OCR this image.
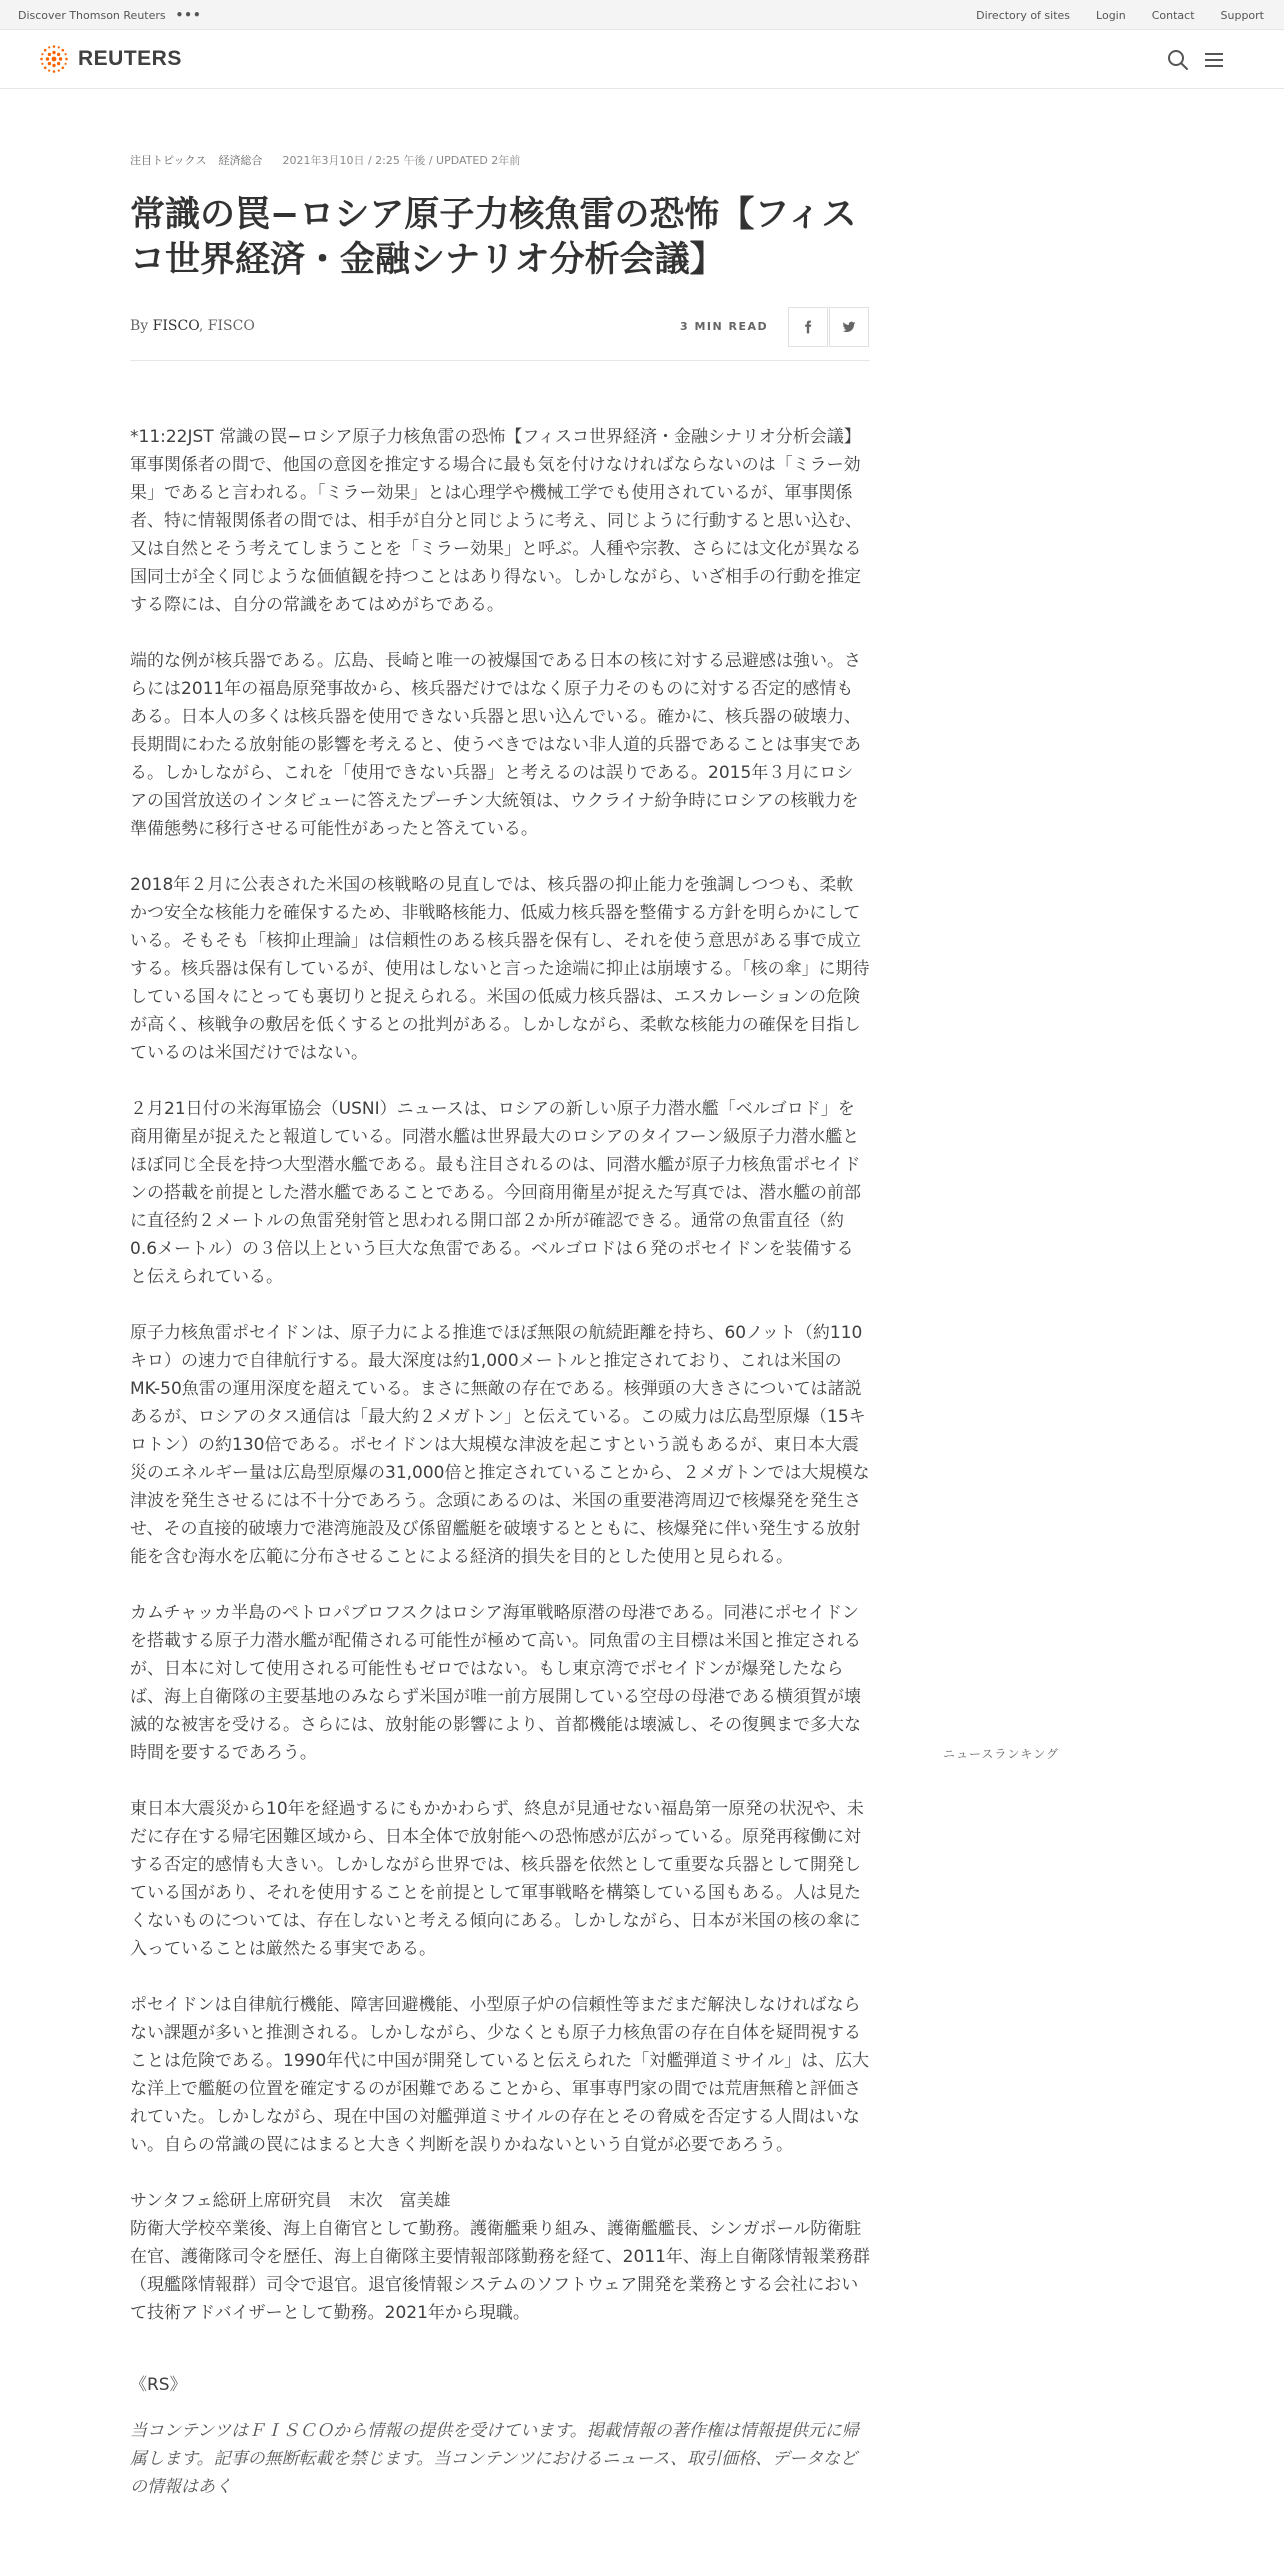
Discover Thomson Reuters •••	Directory of sites Login Contact Support
REUTERS
注目トピックス 経済総合 2021年3月10日 / 2:25 午後 / UPDATED 2年前
常識の罠−ロシア原子力核魚雷の恐怖【フィスコ世界経済・金融シナリオ分析会議】
By FISCO, FISCO	3 MIN READ

*11:22JST 常識の罠−ロシア原子力核魚雷の恐怖【フィスコ世界経済・金融シナリオ分析会議】
軍事関係者の間で、他国の意図を推定する場合に最も気を付けなければならないのは「ミラー効果」であると言われる。「ミラー効果」とは心理学や機械工学でも使用されているが、軍事関係者、特に情報関係者の間では、相手が自分と同じように考え、同じように行動すると思い込む、又は自然とそう考えてしまうことを「ミラー効果」と呼ぶ。人種や宗教、さらには文化が異なる国同士が全く同じような価値観を持つことはあり得ない。しかしながら、いざ相手の行動を推定する際には、自分の常識をあてはめがちである。

端的な例が核兵器である。広島、長崎と唯一の被爆国である日本の核に対する忌避感は強い。さらには2011年の福島原発事故から、核兵器だけではなく原子力そのものに対する否定的感情もある。日本人の多くは核兵器を使用できない兵器と思い込んでいる。確かに、核兵器の破壊力、長期間にわたる放射能の影響を考えると、使うべきではない非人道的兵器であることは事実である。しかしながら、これを「使用できない兵器」と考えるのは誤りである。2015年３月にロシアの国営放送のインタビューに答えたプーチン大統領は、ウクライナ紛争時にロシアの核戦力を準備態勢に移行させる可能性があったと答えている。

2018年２月に公表された米国の核戦略の見直しでは、核兵器の抑止能力を強調しつつも、柔軟かつ安全な核能力を確保するため、非戦略核能力、低威力核兵器を整備する方針を明らかにしている。そもそも「核抑止理論」は信頼性のある核兵器を保有し、それを使う意思がある事で成立する。核兵器は保有しているが、使用はしないと言った途端に抑止は崩壊する。「核の傘」に期待している国々にとっても裏切りと捉えられる。米国の低威力核兵器は、エスカレーションの危険が高く、核戦争の敷居を低くするとの批判がある。しかしながら、柔軟な核能力の確保を目指しているのは米国だけではない。

２月21日付の米海軍協会（USNI）ニュースは、ロシアの新しい原子力潜水艦「ベルゴロド」を商用衛星が捉えたと報道している。同潜水艦は世界最大のロシアのタイフーン級原子力潜水艦とほぼ同じ全長を持つ大型潜水艦である。最も注目されるのは、同潜水艦が原子力核魚雷ポセイドンの搭載を前提とした潜水艦であることである。今回商用衛星が捉えた写真では、潜水艦の前部に直径約２メートルの魚雷発射管と思われる開口部２か所が確認できる。通常の魚雷直径（約0.6メートル）の３倍以上という巨大な魚雷である。ベルゴロドは６発のポセイドンを装備すると伝えられている。

原子力核魚雷ポセイドンは、原子力による推進でほぼ無限の航続距離を持ち、60ノット（約110キロ）の速力で自律航行する。最大深度は約1,000メートルと推定されており、これは米国のMK-50魚雷の運用深度を超えている。まさに無敵の存在である。核弾頭の大きさについては諸説あるが、ロシアのタス通信は「最大約２メガトン」と伝えている。この威力は広島型原爆（15キロトン）の約130倍である。ポセイドンは大規模な津波を起こすという説もあるが、東日本大震災のエネルギー量は広島型原爆の31,000倍と推定されていることから、２メガトンでは大規模な津波を発生させるには不十分であろう。念頭にあるのは、米国の重要港湾周辺で核爆発を発生させ、その直接的破壊力で港湾施設及び係留艦艇を破壊するとともに、核爆発に伴い発生する放射能を含む海水を広範に分布させることによる経済的損失を目的とした使用と見られる。

カムチャッカ半島のペトロパブロフスクはロシア海軍戦略原潜の母港である。同港にポセイドンを搭載する原子力潜水艦が配備される可能性が極めて高い。同魚雷の主目標は米国と推定されるが、日本に対して使用される可能性もゼロではない。もし東京湾でポセイドンが爆発したならば、海上自衛隊の主要基地のみならず米国が唯一前方展開している空母の母港である横須賀が壊滅的な被害を受ける。さらには、放射能の影響により、首都機能は壊滅し、その復興まで多大な時間を要するであろう。

東日本大震災から10年を経過するにもかかわらず、終息が見通せない福島第一原発の状況や、未だに存在する帰宅困難区域から、日本全体で放射能への恐怖感が広がっている。原発再稼働に対する否定的感情も大きい。しかしながら世界では、核兵器を依然として重要な兵器として開発している国があり、それを使用することを前提として軍事戦略を構築している国もある。人は見たくないものについては、存在しないと考える傾向にある。しかしながら、日本が米国の核の傘に入っていることは厳然たる事実である。

ポセイドンは自律航行機能、障害回避機能、小型原子炉の信頼性等まだまだ解決しなければならない課題が多いと推測される。しかしながら、少なくとも原子力核魚雷の存在自体を疑問視することは危険である。1990年代に中国が開発していると伝えられた「対艦弾道ミサイル」は、広大な洋上で艦艇の位置を確定するのが困難であることから、軍事専門家の間では荒唐無稽と評価されていた。しかしながら、現在中国の対艦弾道ミサイルの存在とその脅威を否定する人間はいない。自らの常識の罠にはまると大きく判断を誤りかねないという自覚が必要であろう。

サンタフェ総研上席研究員　末次　富美雄
防衛大学校卒業後、海上自衛官として勤務。護衛艦乗り組み、護衛艦艦長、シンガポール防衛駐在官、護衛隊司令を歴任、海上自衛隊主要情報部隊勤務を経て、2011年、海上自衛隊情報業務群（現艦隊情報群）司令で退官。退官後情報システムのソフトウェア開発を業務とする会社において技術アドバイザーとして勤務。2021年から現職。

《RS》

当コンテンツはＦＩＳＣＯから情報の提供を受けています。掲載情報の著作権は情報提供元に帰属します。記事の無断転載を禁じます。当コンテンツにおけるニュース、取引価格、データなどの情報はあく

ニュースランキング
